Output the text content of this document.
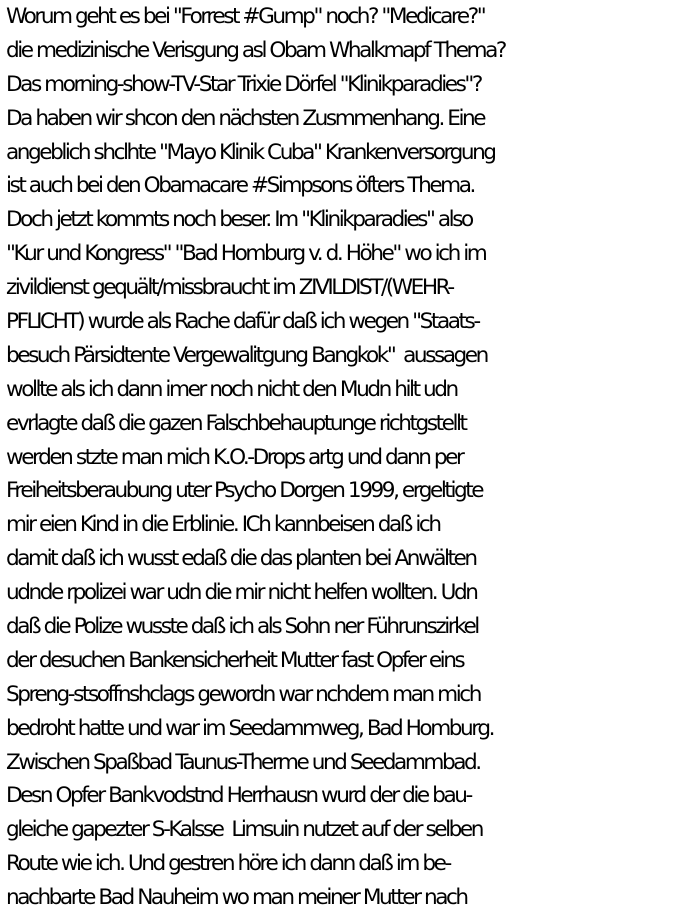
Worum geht es bei "Forrest #Gump" noch? "Medicare?"
die medizinische Verisgung asl Obam Whalkmapf Thema?
Das morning-show-TV-Star Trixie Dörfel "Klinikparadies"?
Da haben wir shcon den nächsten Zusmmenhang. Eine
angeblich shclhte "Mayo Klinik Cuba" Krankenversorgung
ist auch bei den Obamacare #Simpsons öfters Thema.
Doch jetzt kommts noch beser. Im "Klinikparadies" also
"Kur und Kongress" "Bad Homburg v. d. Höhe" wo ich im
zivildienst gequält/missbraucht im ZIVILDIST/(WEHR-
PFLICHT) wurde als Rache dafür daß ich wegen "Staats-
besuch Pärsidtente Vergewalitgung Bangkok"  aussagen
wollte als ich dann imer noch nicht den Mudn hilt udn
evrlagte daß die gazen Falschbehauptunge richtgstellt
werden stzte man mich K.O.-Drops artg und dann per
Freiheitsberaubung uter Psycho Dorgen 1999, ergeltigte
mir eien Kind in die Erblinie. ICh kannbeisen daß ich
damit daß ich wusst edaß die das planten bei Anwälten
udnde rpolizei war udn die mir nicht helfen wollten. Udn
daß die Polize wusste daß ich als Sohn ner Führunszirkel
der desuchen Bankensicherheit Mutter fast Opfer eins
Spreng-stsoffnshclags gewordn war nchdem man mich
bedroht hatte und war im Seedammweg, Bad Homburg.
Zwischen Spaßbad Taunus-Therme und Seedammbad.
Desn Opfer Bankvodstnd Herrhausn wurd der die bau-
gleiche gapezter S-Kalsse  Limsuin nutzet auf der selben
Route wie ich. Und gestren höre ich dann daß im be-
nachbarte Bad Nauheim wo man meiner Mutter nach
